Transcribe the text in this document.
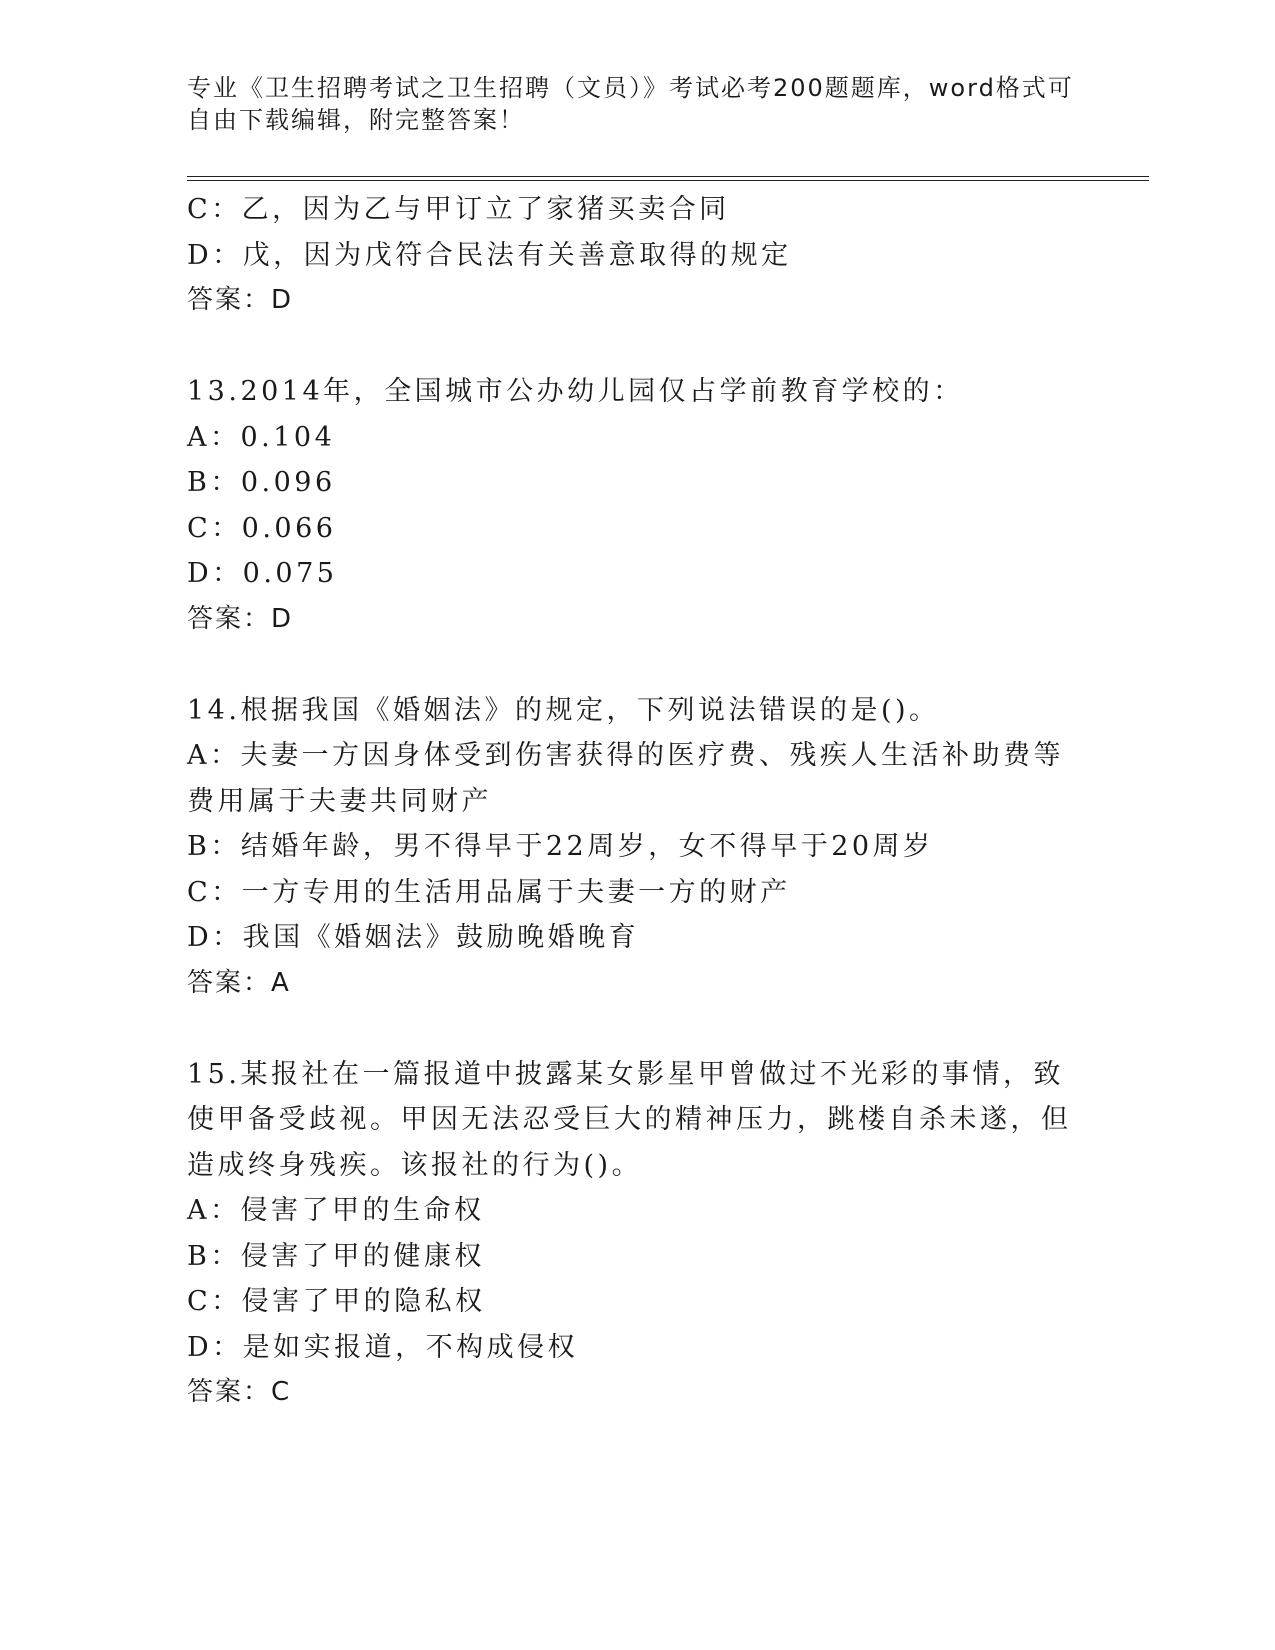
专业《卫生招聘考试之卫生招聘（文员）》考试必考200题题库，word格式可自由下载编辑，附完整答案！
C：乙，因为乙与甲订立了家猪买卖合同
D：戊，因为戊符合民法有关善意取得的规定
答案：D
13.2014年，全国城市公办幼儿园仅占学前教育学校的：
A：0.104
B：0.096
C：0.066
D：0.075
答案：D
14.根据我国《婚姻法》的规定，下列说法错误的是()。
A：夫妻一方因身体受到伤害获得的医疗费、残疾人生活补助费等费用属于夫妻共同财产
B：结婚年龄，男不得早于22周岁，女不得早于20周岁
C：一方专用的生活用品属于夫妻一方的财产
D：我国《婚姻法》鼓励晚婚晚育
答案：A
15.某报社在一篇报道中披露某女影星甲曾做过不光彩的事情，致使甲备受歧视。甲因无法忍受巨大的精神压力，跳楼自杀未遂，但造成终身残疾。该报社的行为()。
A：侵害了甲的生命权
B：侵害了甲的健康权
C：侵害了甲的隐私权
D：是如实报道，不构成侵权
答案：C
